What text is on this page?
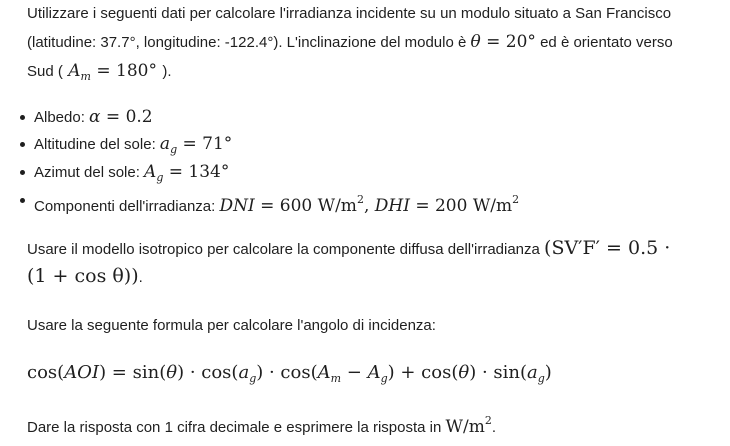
Utilizzare i seguenti dati per calcolare l'irradianza incidente su un modulo situato a San Francisco
(latitudine: 37.7°, longitudine: -122.4°). L'inclinazione del modulo è θ = 20° ed è orientato verso
Sud ( $A_m = 180^\circ$ ).
Albedo: α = 0.2
Altitudine del sole: $a_g = 71^\circ$
Azimut del sole: $A_g = 134^\circ$
Componenti dell'irradianza: DNI = 600 $W/m^2$, DHI = 200 $W/m^2$
Usare il modello isotropico per calcolare la componente diffusa dell'irradianza (SV′F′ = 0.5 ·
(1 + cos θ)).
Usare la seguente formula per calcolare l'angolo di incidenza:
$\cos(AOI) = \sin(\theta) \cdot \cos(a_g) \cdot \cos(A_m - A_g) + \cos(\theta) \cdot \sin(a_g)$
Dare la risposta con 1 cifra decimale e esprimere la risposta in $W/m^2$.
